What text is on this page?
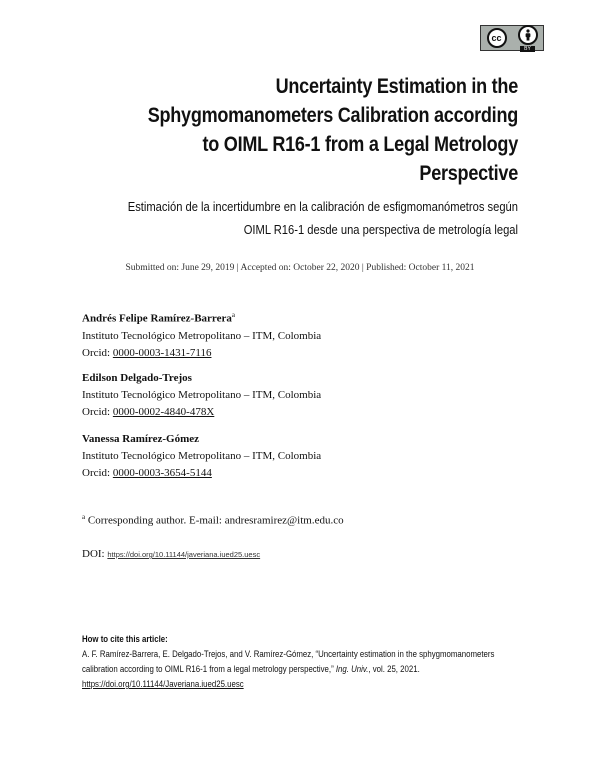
cc
BY
Uncertainty Estimation in the
Sphygmomanometers Calibration according
to OIML R16-1 from a Legal Metrology
Perspective
Estimación de la incertidumbre en la calibración de esfigmomanómetros según
OIML R16-1 desde una perspectiva de metrología legal
Submitted on: June 29, 2019 | Accepted on: October 22, 2020 | Published: October 11, 2021
Andrés Felipe Ramírez-Barrera$^a$
Instituto Tecnológico Metropolitano – ITM, Colombia
Orcid: 0000-0003-1431-7116
Edilson Delgado-Trejos
Instituto Tecnológico Metropolitano – ITM, Colombia
Orcid: 0000-0002-4840-478X
Vanessa Ramírez-Gómez
Instituto Tecnológico Metropolitano – ITM, Colombia
Orcid: 0000-0003-3654-5144
$^a$ Corresponding author. E-mail: andresramirez@itm.edu.co
DOI: https://doi.org/10.11144/javeriana.iued25.uesc
How to cite this article:
A. F. Ramírez-Barrera, E. Delgado-Trejos, and V. Ramírez-Gómez, “Uncertainty estimation in the sphygmomanometers calibration according to OIML R16-1 from a legal metrology perspective,” Ing. Univ., vol. 25, 2021.
https://doi.org/10.11144/Javeriana.iued25.uesc
